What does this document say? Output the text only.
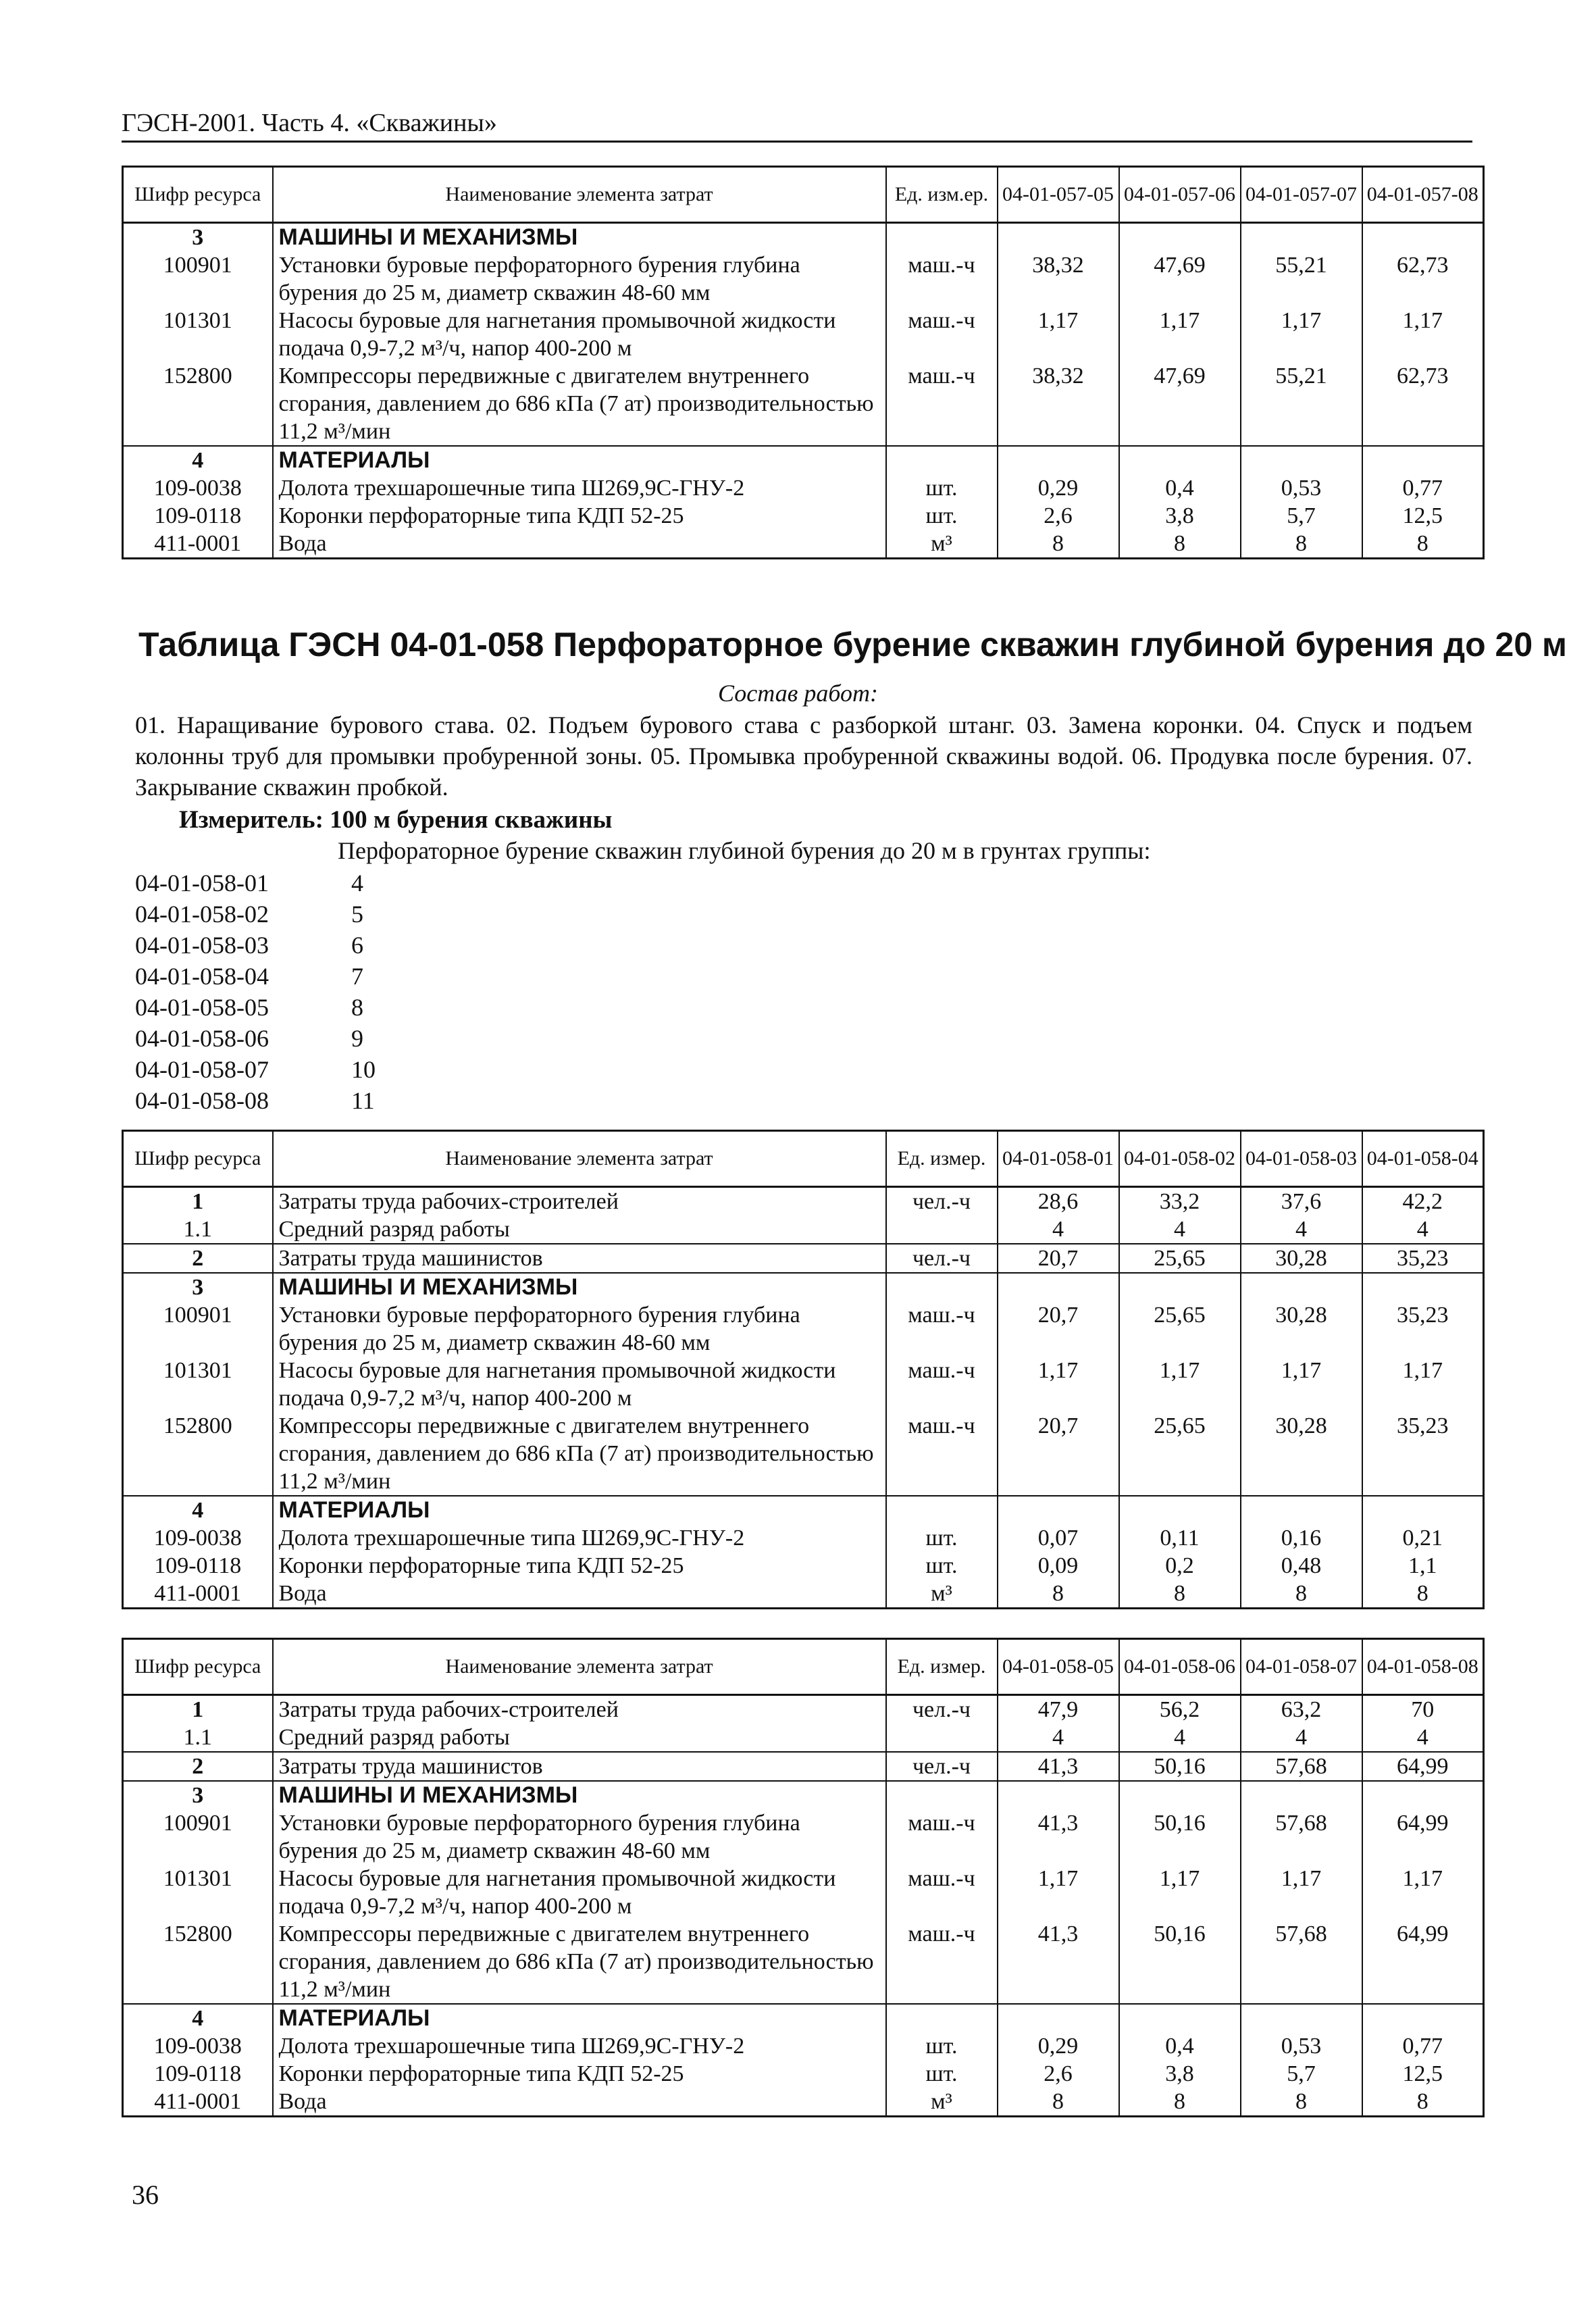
ГЭСН-2001. Часть 4. «Скважины»
Шифр ресурса	Наименование элемента затрат	Ед. изм.ер.	04-01-057-05	04-01-057-06	04-01-057-07	04-01-057-08
3	МАШИНЫ И МЕХАНИЗМЫ					
100901	Установки буровые перфораторного бурения глубина бурения до 25 м, диаметр скважин 48-60 мм	маш.-ч	38,32	47,69	55,21	62,73
101301	Насосы буровые для нагнетания промывочной жидкости подача 0,9-7,2 м³/ч, напор 400-200 м	маш.-ч	1,17	1,17	1,17	1,17
152800	Компрессоры передвижные с двигателем внутреннего сгорания, давлением до 686 кПа (7 ат) производительностью 11,2 м³/мин	маш.-ч	38,32	47,69	55,21	62,73
4	МАТЕРИАЛЫ					
109-0038	Долота трехшарошечные типа Ш269,9С-ГНУ-2	шт.	0,29	0,4	0,53	0,77
109-0118	Коронки перфораторные типа КДП 52-25	шт.	2,6	3,8	5,7	12,5
411-0001	Вода	м³	8	8	8	8
Таблица ГЭСН 04-01-058 Перфораторное бурение скважин глубиной бурения до 20 м
Состав работ:
01. Наращивание бурового става. 02. Подъем бурового става с разборкой штанг. 03. Замена коронки. 04. Спуск и подъем колонны труб для промывки пробуренной зоны. 05. Промывка пробуренной скважины водой. 06. Продувка после бурения. 07. Закрывание скважин пробкой.
Измеритель: 100 м бурения скважины
Перфораторное бурение скважин глубиной бурения до 20 м в грунтах группы:
04-01-058-01	4
04-01-058-02	5
04-01-058-03	6
04-01-058-04	7
04-01-058-05	8
04-01-058-06	9
04-01-058-07	10
04-01-058-08	11
Шифр ресурса	Наименование элемента затрат	Ед. измер.	04-01-058-01	04-01-058-02	04-01-058-03	04-01-058-04
1	Затраты труда рабочих-строителей	чел.-ч	28,6	33,2	37,6	42,2
1.1	Средний разряд работы		4	4	4	4
2	Затраты труда машинистов	чел.-ч	20,7	25,65	30,28	35,23
3	МАШИНЫ И МЕХАНИЗМЫ					
100901	Установки буровые перфораторного бурения глубина бурения до 25 м, диаметр скважин 48-60 мм	маш.-ч	20,7	25,65	30,28	35,23
101301	Насосы буровые для нагнетания промывочной жидкости подача 0,9-7,2 м³/ч, напор 400-200 м	маш.-ч	1,17	1,17	1,17	1,17
152800	Компрессоры передвижные с двигателем внутреннего сгорания, давлением до 686 кПа (7 ат) производительностью 11,2 м³/мин	маш.-ч	20,7	25,65	30,28	35,23
4	МАТЕРИАЛЫ					
109-0038	Долота трехшарошечные типа Ш269,9С-ГНУ-2	шт.	0,07	0,11	0,16	0,21
109-0118	Коронки перфораторные типа КДП 52-25	шт.	0,09	0,2	0,48	1,1
411-0001	Вода	м³	8	8	8	8
Шифр ресурса	Наименование элемента затрат	Ед. измер.	04-01-058-05	04-01-058-06	04-01-058-07	04-01-058-08
1	Затраты труда рабочих-строителей	чел.-ч	47,9	56,2	63,2	70
1.1	Средний разряд работы		4	4	4	4
2	Затраты труда машинистов	чел.-ч	41,3	50,16	57,68	64,99
3	МАШИНЫ И МЕХАНИЗМЫ					
100901	Установки буровые перфораторного бурения глубина бурения до 25 м, диаметр скважин 48-60 мм	маш.-ч	41,3	50,16	57,68	64,99
101301	Насосы буровые для нагнетания промывочной жидкости подача 0,9-7,2 м³/ч, напор 400-200 м	маш.-ч	1,17	1,17	1,17	1,17
152800	Компрессоры передвижные с двигателем внутреннего сгорания, давлением до 686 кПа (7 ат) производительностью 11,2 м³/мин	маш.-ч	41,3	50,16	57,68	64,99
4	МАТЕРИАЛЫ					
109-0038	Долота трехшарошечные типа Ш269,9С-ГНУ-2	шт.	0,29	0,4	0,53	0,77
109-0118	Коронки перфораторные типа КДП 52-25	шт.	2,6	3,8	5,7	12,5
411-0001	Вода	м³	8	8	8	8
36
